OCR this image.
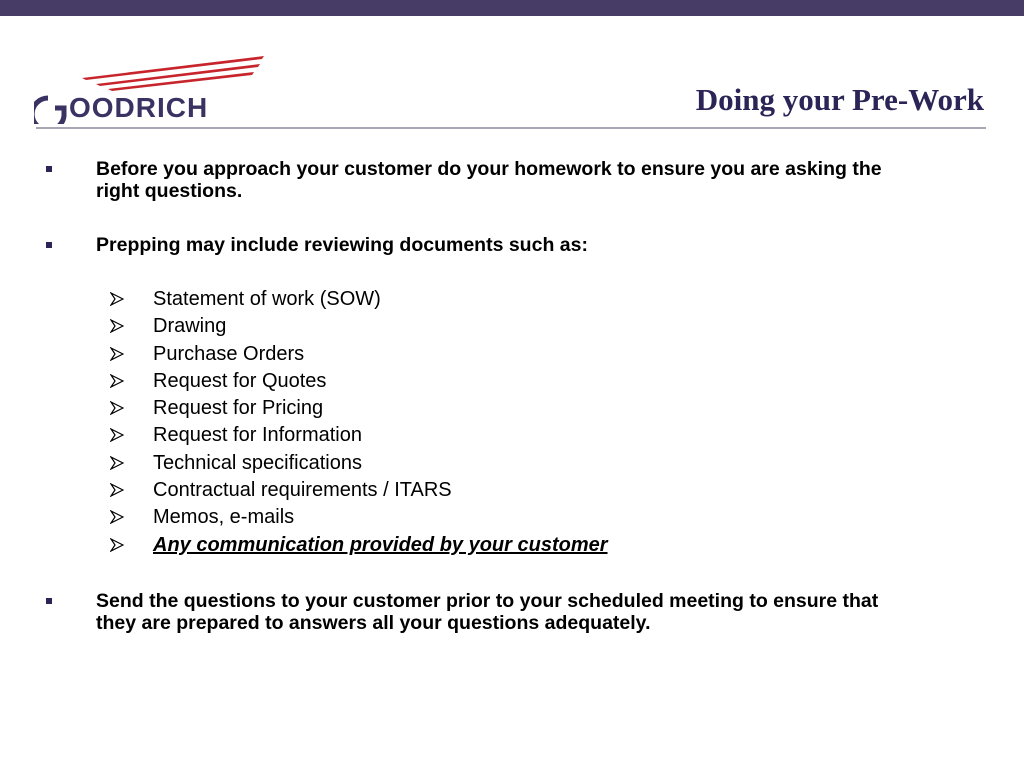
OODRICH	Doing your Pre-Work
Before you approach your customer do your homework to ensure you are asking the right questions.
Prepping may include reviewing documents such as:
Statement of work (SOW)
Drawing
Purchase Orders
Request for Quotes
Request for Pricing
Request for Information
Technical specifications
Contractual requirements / ITARS
Memos, e-mails
Any communication provided by your customer
Send the questions to your customer prior to your scheduled meeting to ensure that they are prepared to answers all your questions adequately.
